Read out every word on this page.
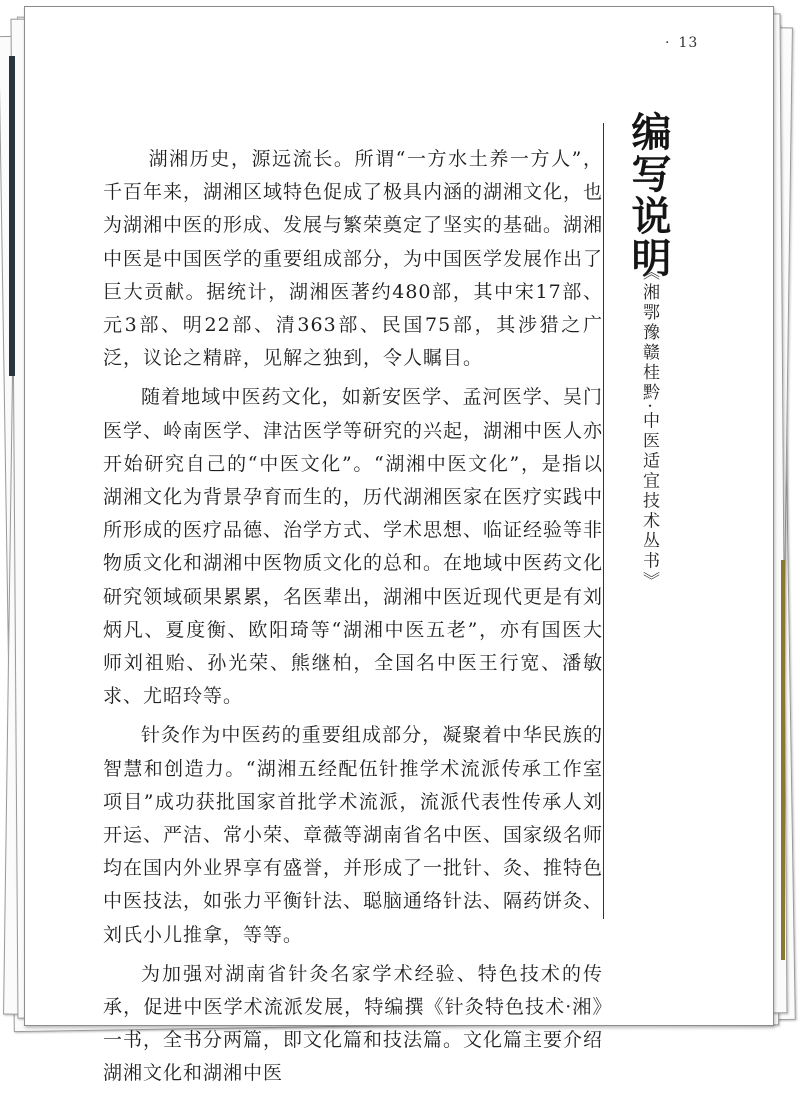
· 13
编写说明
《湘鄂豫赣桂黔·中医适宜技术丛书》

湖湘历史，源远流长。所谓“一方水土养一方人”，千百年来，湖湘区域特色促成了极具内涵的湖湘文化，也为湖湘中医的形成、发展与繁荣奠定了坚实的基础。湖湘中医是中国医学的重要组成部分，为中国医学发展作出了巨大贡献。据统计，湖湘医著约480部，其中宋17部、元3部、明22部、清363部、民国75部，其涉猎之广泛，议论之精辟，见解之独到，令人瞩目。

随着地域中医药文化，如新安医学、孟河医学、吴门医学、岭南医学、津沽医学等研究的兴起，湖湘中医人亦开始研究自己的“中医文化”。“湖湘中医文化”，是指以湖湘文化为背景孕育而生的，历代湖湘医家在医疗实践中所形成的医疗品德、治学方式、学术思想、临证经验等非物质文化和湖湘中医物质文化的总和。在地域中医药文化研究领域硕果累累，名医辈出，湖湘中医近现代更是有刘炳凡、夏度衡、欧阳琦等“湖湘中医五老”，亦有国医大师刘祖贻、孙光荣、熊继柏，全国名中医王行宽、潘敏求、尤昭玲等。

针灸作为中医药的重要组成部分，凝聚着中华民族的智慧和创造力。“湖湘五经配伍针推学术流派传承工作室项目”成功获批国家首批学术流派，流派代表性传承人刘开运、严洁、常小荣、章薇等湖南省名中医、国家级名师均在国内外业界享有盛誉，并形成了一批针、灸、推特色中医技法，如张力平衡针法、聪脑通络针法、隔药饼灸、刘氏小儿推拿，等等。

为加强对湖南省针灸名家学术经验、特色技术的传承，促进中医学术流派发展，特编撰《针灸特色技术·湘》一书，全书分两篇，即文化篇和技法篇。文化篇主要介绍湖湘文化和湖湘中医
